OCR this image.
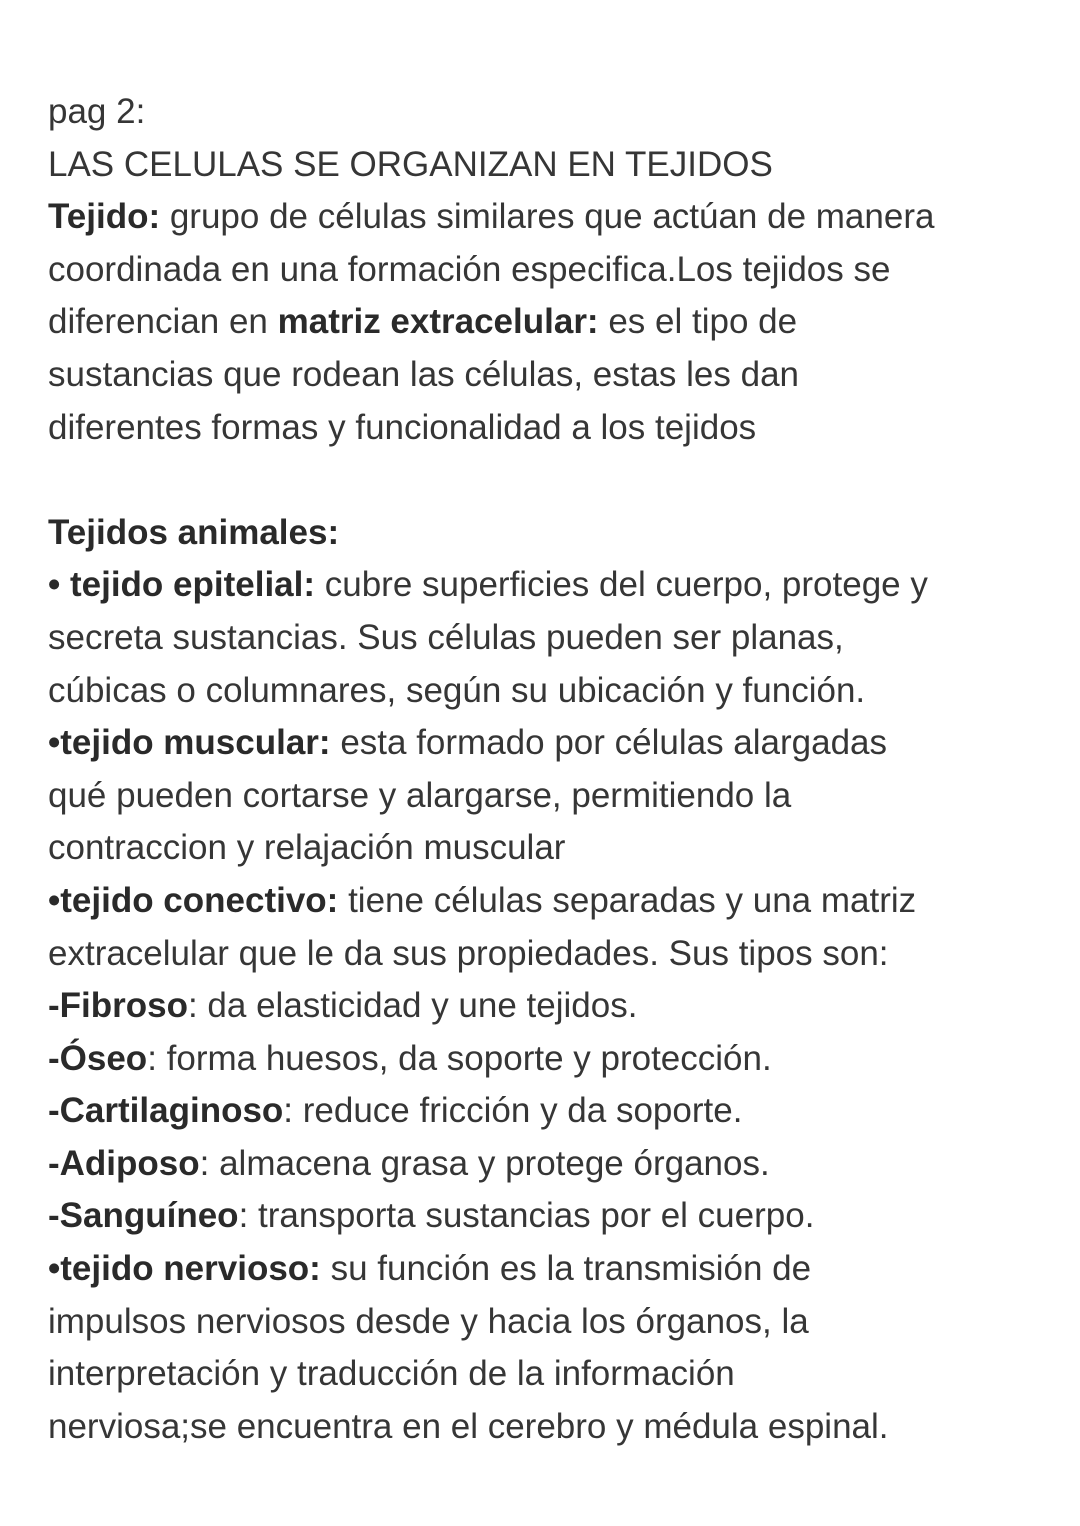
pag 2:
LAS CELULAS SE ORGANIZAN EN TEJIDOS
Tejido: grupo de células similares que actúan de manera
coordinada en una formación especifica.Los tejidos se
diferencian en matriz extracelular: es el tipo de
sustancias que rodean las células, estas les dan
diferentes formas y funcionalidad a los tejidos
Tejidos animales:
• tejido epitelial: cubre superficies del cuerpo, protege y
secreta sustancias. Sus células pueden ser planas,
cúbicas o columnares, según su ubicación y función.
•tejido muscular: esta formado por células alargadas
qué pueden cortarse y alargarse, permitiendo la
contraccion y relajación muscular
•tejido conectivo: tiene células separadas y una matriz
extracelular que le da sus propiedades. Sus tipos son:
-Fibroso: da elasticidad y une tejidos.
-Óseo: forma huesos, da soporte y protección.
-Cartilaginoso: reduce fricción y da soporte.
-Adiposo: almacena grasa y protege órganos.
-Sanguíneo: transporta sustancias por el cuerpo.
•tejido nervioso: su función es la transmisión de
impulsos nerviosos desde y hacia los órganos, la
interpretación y traducción de la información
nerviosa;se encuentra en el cerebro y médula espinal.
